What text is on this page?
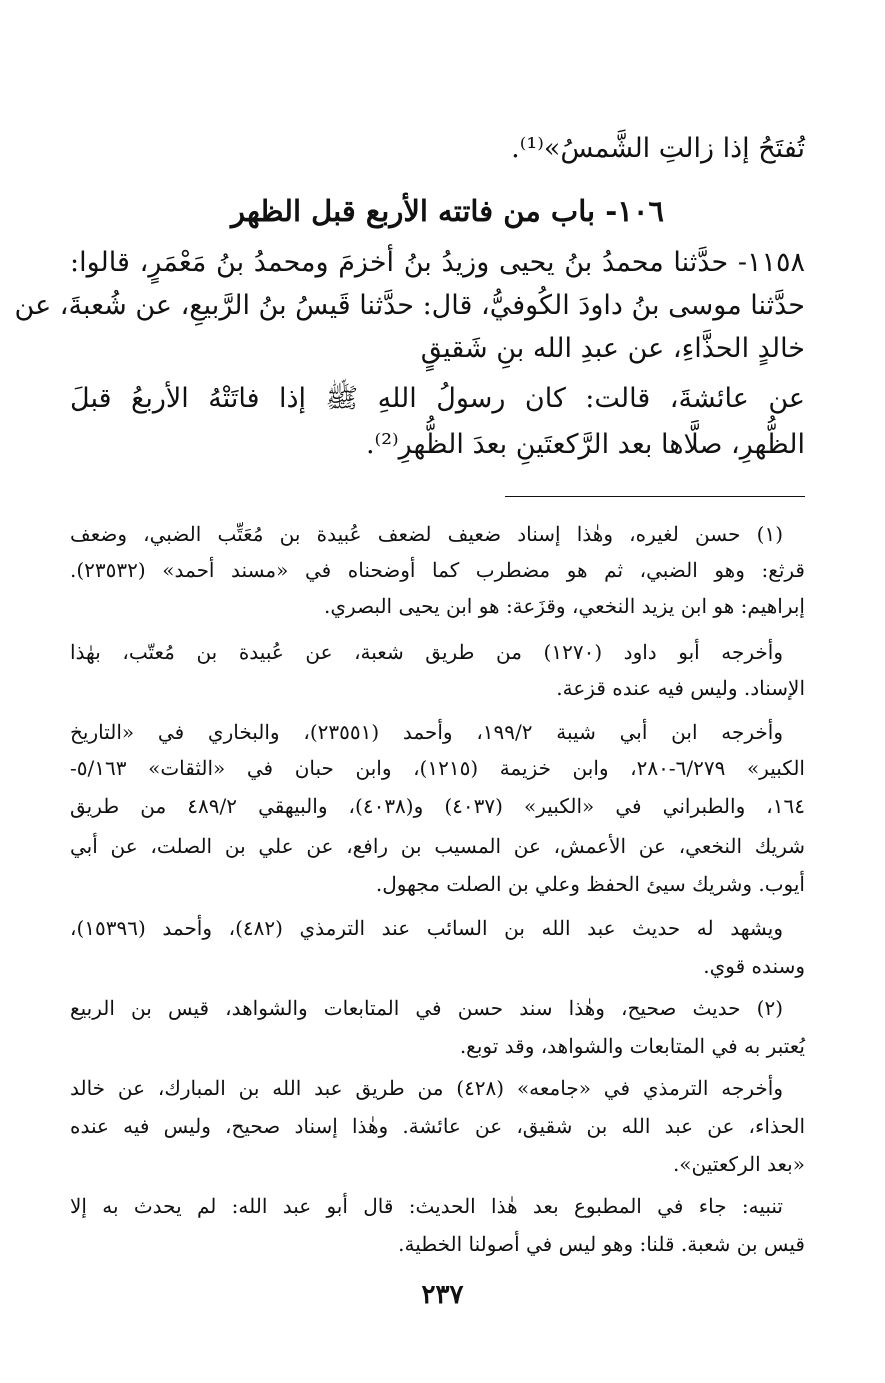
تُفتَحُ إذا زالتِ الشَّمسُ»⁽¹⁾.
١٠٦- باب من فاتته الأربع قبل الظهر
١١٥٨- حدَّثنا محمدُ بنُ يحيى وزيدُ بنُ أخزمَ ومحمدُ بنُ مَعْمَرٍ، قالوا:
حدَّثنا موسى بنُ داودَ الكُوفيُّ، قال: حدَّثنا قَيسُ بنُ الرَّبيعِ، عن شُعبةَ، عن
خالدٍ الحذَّاءِ، عن عبدِ الله بنِ شَقيقٍ
عن عائشةَ، قالت: كان رسولُ اللهِ ﷺ إذا فاتَتْهُ الأربعُ قبلَ
الظُّهرِ، صلَّاها بعد الرَّكعتَينِ بعدَ الظُّهرِ⁽²⁾.
(١) حسن لغيره، وهٰذا إسناد ضعيف لضعف عُبيدة بن مُعَتِّب الضبي، وضعف
قرثع: وهو الضبي، ثم هو مضطرب كما أوضحناه في «مسند أحمد» (٢٣٥٣٢).
إبراهيم: هو ابن يزيد النخعي، وقزَعة: هو ابن يحيى البصري.
وأخرجه أبو داود (١٢٧٠) من طريق شعبة، عن عُبيدة بن مُعتّب، بهٰذا
الإسناد. وليس فيه عنده قزعة.
وأخرجه ابن أبي شيبة ١٩٩/٢، وأحمد (٢٣٥٥١)، والبخاري في «التاريخ
الكبير» ٦/٢٧٩-٢٨٠، وابن خزيمة (١٢١٥)، وابن حبان في «الثقات» ٥/١٦٣-
١٦٤، والطبراني في «الكبير» (٤٠٣٧) و(٤٠٣٨)، والبيهقي ٤٨٩/٢ من طريق
شريك النخعي، عن الأعمش، عن المسيب بن رافع، عن علي بن الصلت، عن أبي
أيوب. وشريك سيئ الحفظ وعلي بن الصلت مجهول.
ويشهد له حديث عبد الله بن السائب عند الترمذي (٤٨٢)، وأحمد (١٥٣٩٦)،
وسنده قوي.
(٢) حديث صحيح، وهٰذا سند حسن في المتابعات والشواهد، قيس بن الربيع
يُعتبر به في المتابعات والشواهد، وقد توبع.
وأخرجه الترمذي في «جامعه» (٤٢٨) من طريق عبد الله بن المبارك، عن خالد
الحذاء، عن عبد الله بن شقيق، عن عائشة. وهٰذا إسناد صحيح، وليس فيه عنده
«بعد الركعتين».
تنبيه: جاء في المطبوع بعد هٰذا الحديث: قال أبو عبد الله: لم يحدث به إلا
قيس بن شعبة. قلنا: وهو ليس في أصولنا الخطية.
٢٣٧
